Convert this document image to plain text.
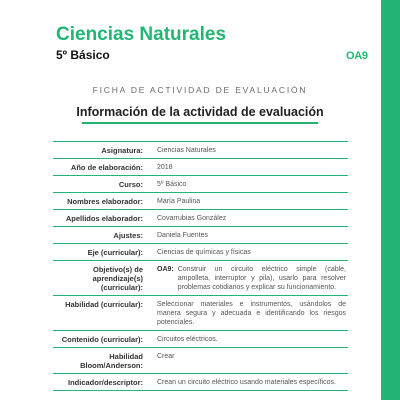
Ciencias Naturales
5º Básico	OA9
FICHA DE ACTIVIDAD DE EVALUACIÓN
Información de la actividad de evaluación
Asignatura:	Ciencias Naturales
Año de elaboración:	2018
Curso:	5º Básico
Nombres elaborador:	María Paulina
Apellidos elaborador:	Covarrubias González
Ajustes:	Daniela Fuentes
Eje (curricular):	Ciencias de químicas y físicas
Objetivo(s) de aprendizaje(s) (curricular):	OA9: Construir un circuito eléctrico simple (cable, ampolleta, interruptor y pila), usarlo para resolver problemas cotidianos y explicar su funcionamiento.

Habilidad (curricular):	Seleccionar materiales e instrumentos, usándolos de manera segura y adecuada e identificando los riesgos potenciales.
Contenido (curricular):	Circuitos eléctricos.
Habilidad Bloom/Anderson:	Crear
Indicador/descriptor:	Crean un circuito eléctrico usando materiales específicos.
